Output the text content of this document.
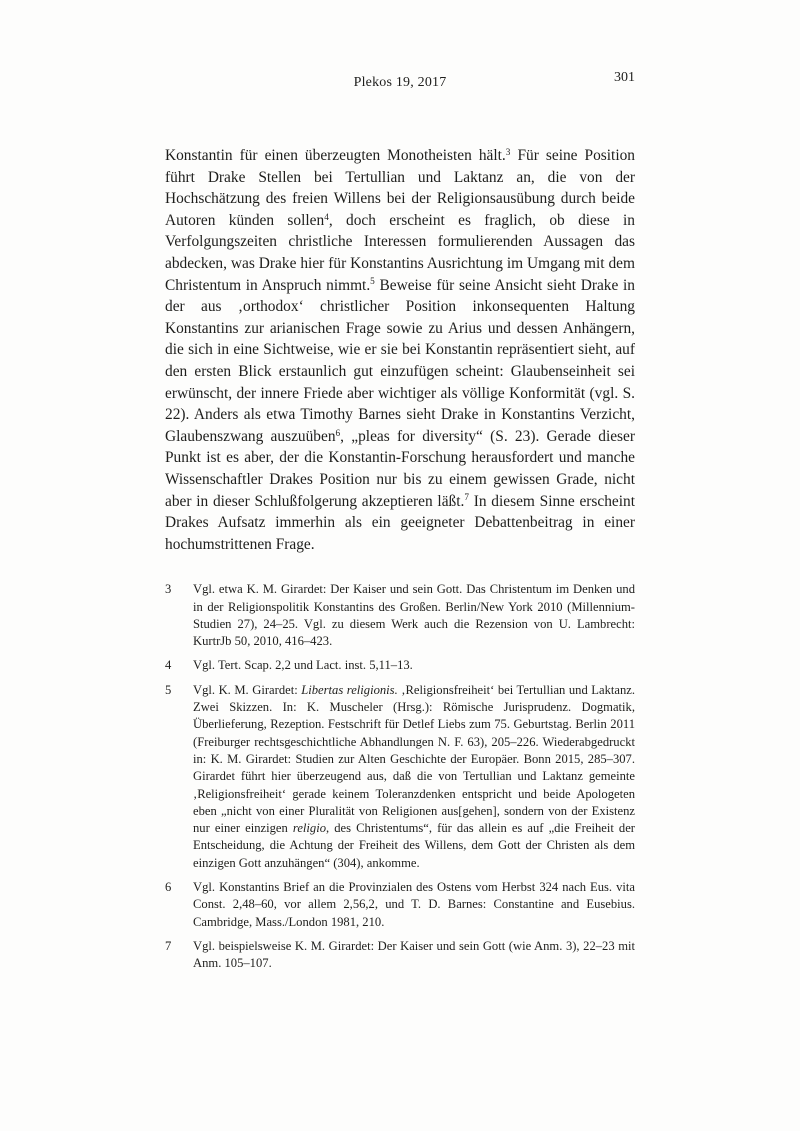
Plekos 19, 2017	301

Konstantin für einen überzeugten Monotheisten hält.$^3$ Für seine Position führt Drake Stellen bei Tertullian und Laktanz an, die von der Hochschätzung des freien Willens bei der Religionsausübung durch beide Autoren künden sollen$^4$, doch erscheint es fraglich, ob diese in Verfolgungszeiten christliche Interessen formulierenden Aussagen das abdecken, was Drake hier für Konstantins Ausrichtung im Umgang mit dem Christentum in Anspruch nimmt.$^5$ Beweise für seine Ansicht sieht Drake in der aus ‚orthodox‘ christlicher Position inkonsequenten Haltung Konstantins zur arianischen Frage sowie zu Arius und dessen Anhängern, die sich in eine Sichtweise, wie er sie bei Konstantin repräsentiert sieht, auf den ersten Blick erstaunlich gut einzufügen scheint: Glaubenseinheit sei erwünscht, der innere Friede aber wichtiger als völlige Konformität (vgl. S. 22). Anders als etwa Timothy Barnes sieht Drake in Konstantins Verzicht, Glaubenszwang auszuüben$^6$, „pleas for diversity“ (S. 23). Gerade dieser Punkt ist es aber, der die Konstantin-Forschung herausfordert und manche Wissenschaftler Drakes Position nur bis zu einem gewissen Grade, nicht aber in dieser Schlußfolgerung akzeptieren läßt.$^7$ In diesem Sinne erscheint Drakes Aufsatz immerhin als ein geeigneter Debattenbeitrag in einer hochumstrittenen Frage.

3	Vgl. etwa K. M. Girardet: Der Kaiser und sein Gott. Das Christentum im Denken und in der Religionspolitik Konstantins des Großen. Berlin/New York 2010 (Millennium-Studien 27), 24–25. Vgl. zu diesem Werk auch die Rezension von U. Lambrecht: KurtrJb 50, 2010, 416–423.
4	Vgl. Tert. Scap. 2,2 und Lact. inst. 5,11–13.
5	Vgl. K. M. Girardet: Libertas religionis. ‚Religionsfreiheit‘ bei Tertullian und Laktanz. Zwei Skizzen. In: K. Muscheler (Hrsg.): Römische Jurisprudenz. Dogmatik, Überlieferung, Rezeption. Festschrift für Detlef Liebs zum 75. Geburtstag. Berlin 2011 (Freiburger rechtsgeschichtliche Abhandlungen N. F. 63), 205–226. Wiederabgedruckt in: K. M. Girardet: Studien zur Alten Geschichte der Europäer. Bonn 2015, 285–307. Girardet führt hier überzeugend aus, daß die von Tertullian und Laktanz gemeinte ‚Religionsfreiheit‘ gerade keinem Toleranzdenken entspricht und beide Apologeten eben „nicht von einer Pluralität von Religionen aus[gehen], sondern von der Existenz nur einer einzigen religio, des Christentums“, für das allein es auf „die Freiheit der Entscheidung, die Achtung der Freiheit des Willens, dem Gott der Christen als dem einzigen Gott anzuhängen“ (304), ankomme.
6	Vgl. Konstantins Brief an die Provinzialen des Ostens vom Herbst 324 nach Eus. vita Const. 2,48–60, vor allem 2,56,2, und T. D. Barnes: Constantine and Eusebius. Cambridge, Mass./London 1981, 210.
7	Vgl. beispielsweise K. M. Girardet: Der Kaiser und sein Gott (wie Anm. 3), 22–23 mit Anm. 105–107.
